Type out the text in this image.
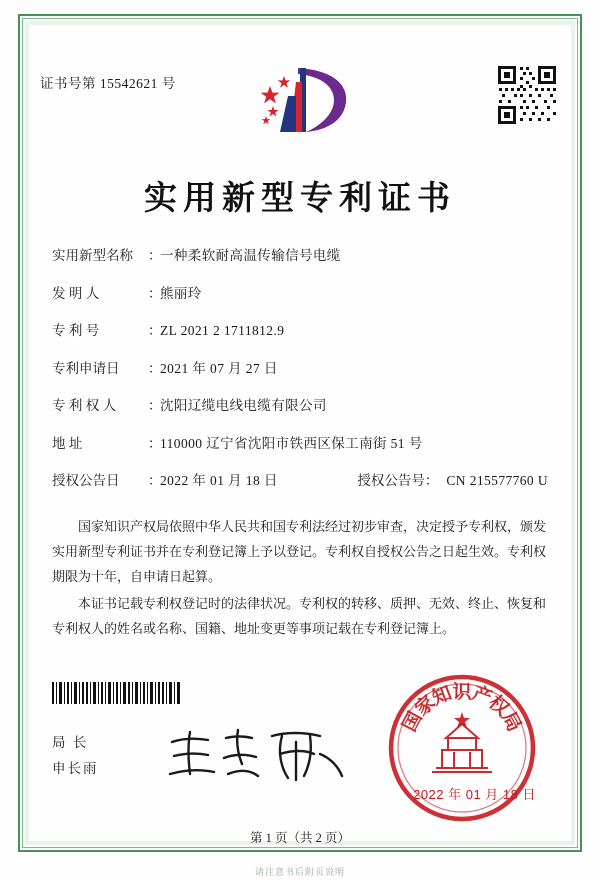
证书号第 15542621 号
实用新型专利证书
实用新型名称	：
一种柔软耐高温传输信号电缆
发 明 人	：
熊丽玲
专 利 号	：
ZL 2021 2 1711812.9
专利申请日	：
2021 年 07 月 27 日
专 利 权 人	：
沈阳辽缆电线电缆有限公司
地 址	：
110000 辽宁省沈阳市铁西区保工南街 51 号
授权公告日	：
2022 年 01 月 18 日	授权公告号： CN 215577760 U

国家知识产权局依照中华人民共和国专利法经过初步审查，决定授予专利权，颁发实用新型专利证书并在专利登记簿上予以登记。专利权自授权公告之日起生效。专利权期限为十年，自申请日起算。

本证书记载专利权登记时的法律状况。专利权的转移、质押、无效、终止、恢复和专利权人的姓名或名称、国籍、地址变更等事项记载在专利登记簿上。

局 长
申长雨
国
家
知
识
产
权
局
2022 年 01 月 18 日
第 1 页（共 2 页）
请注意书后附页说明
